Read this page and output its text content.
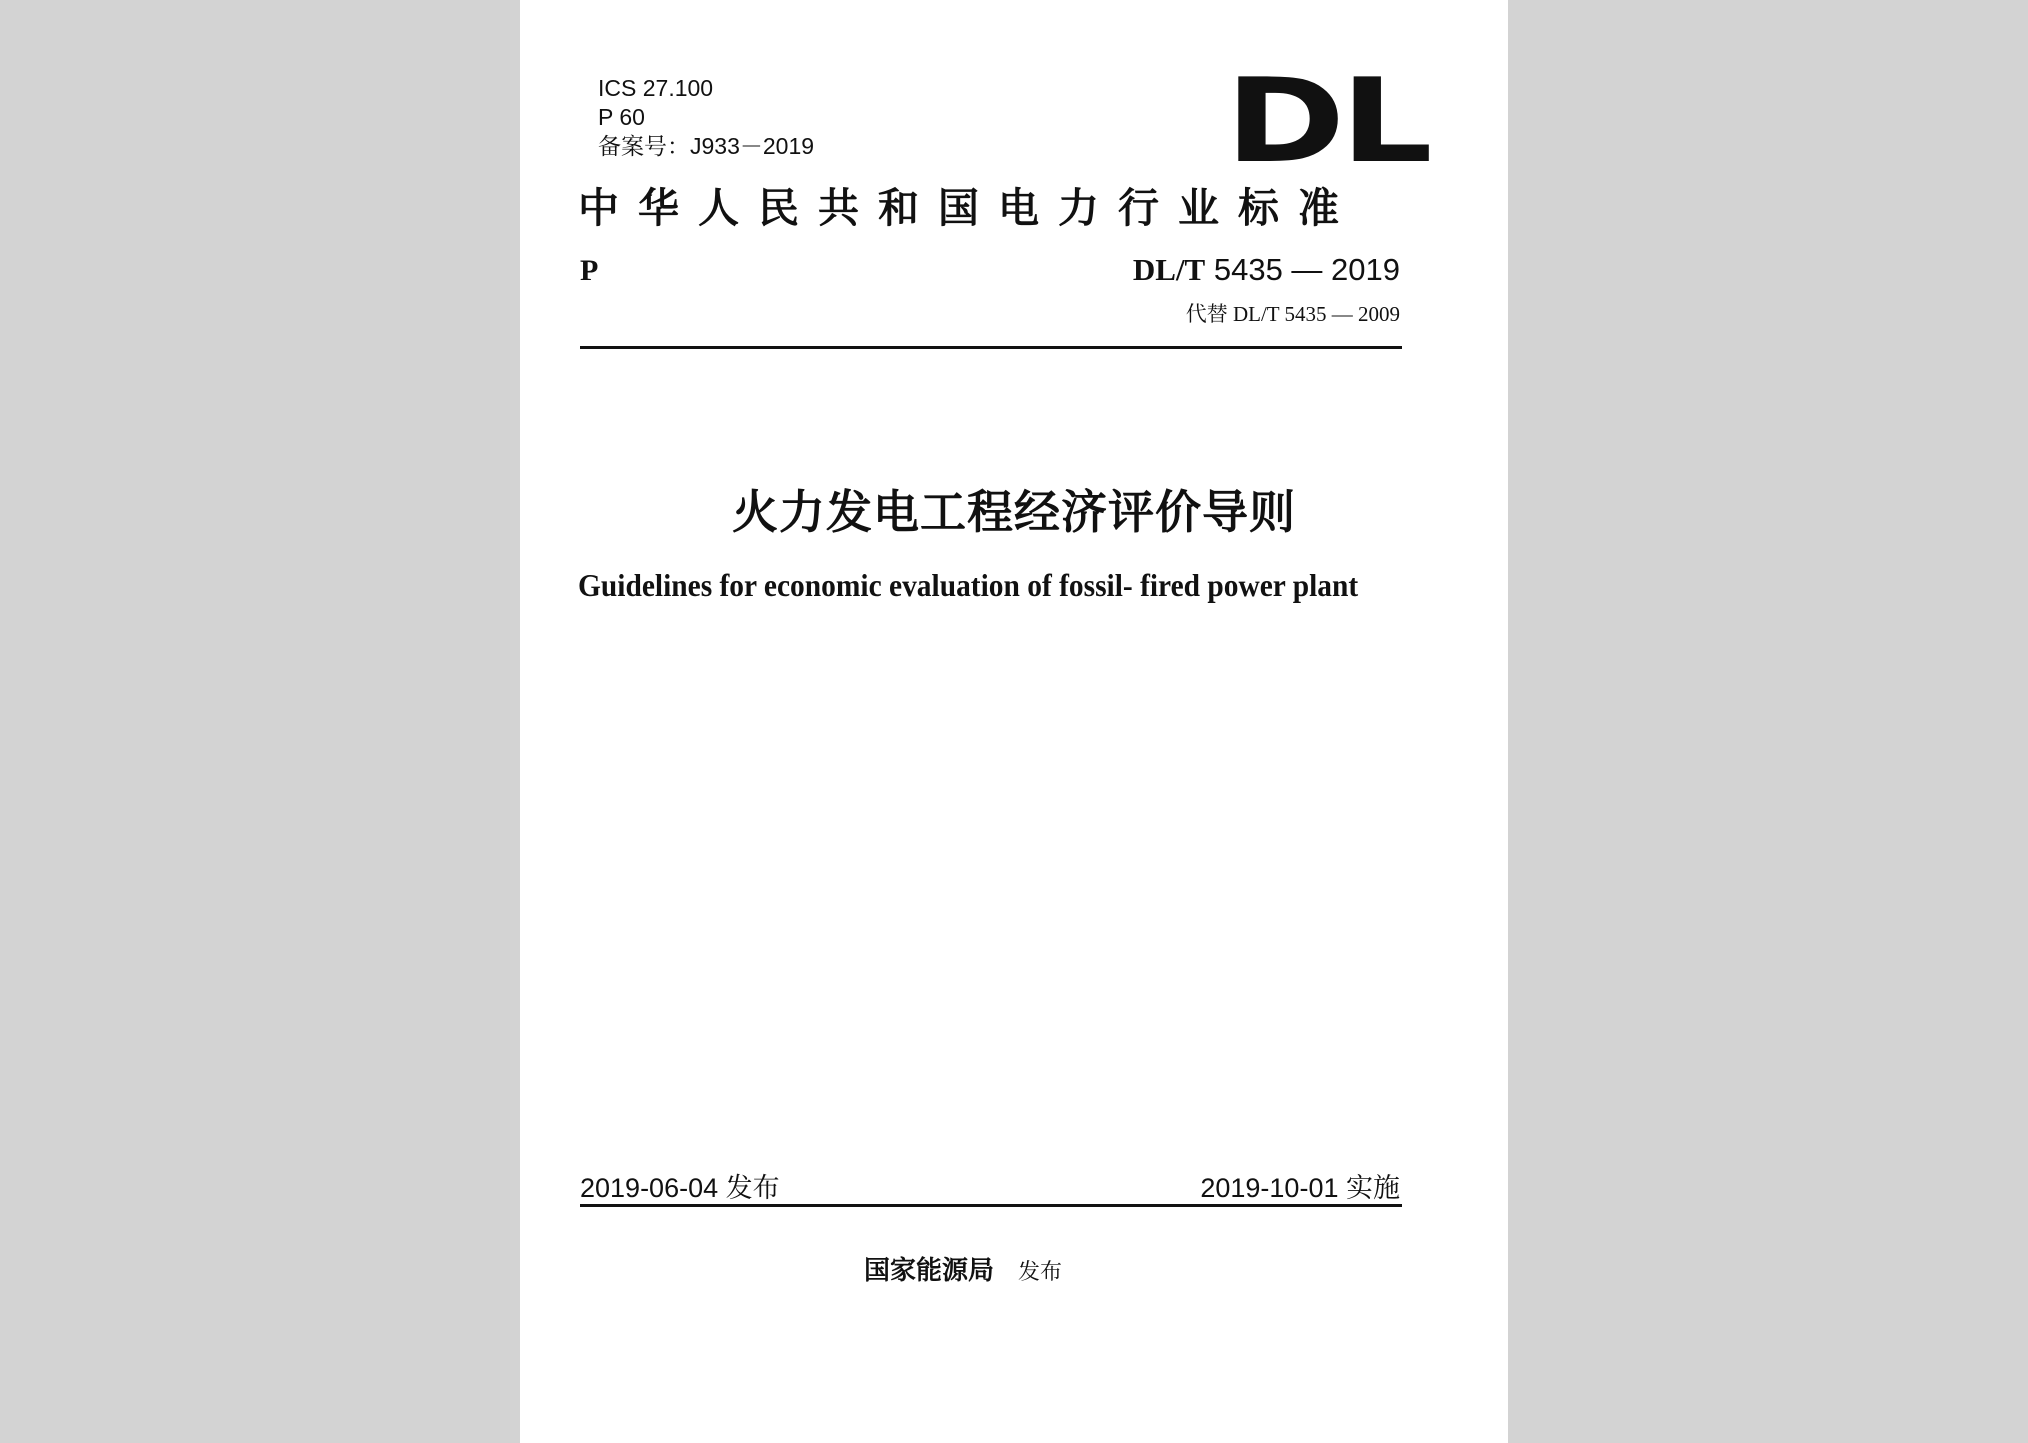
ICS 27.100
P 60
备案号：J933－2019	DL
中华人民共和国电力行业标准
P	DL/T 5435 — 2019
代替 DL/T 5435 — 2009
火力发电工程经济评价导则
Guidelines for economic evaluation of fossil- fired power plant
2019-06-04 发布	2019-10-01 实施
国家能源局 发布
